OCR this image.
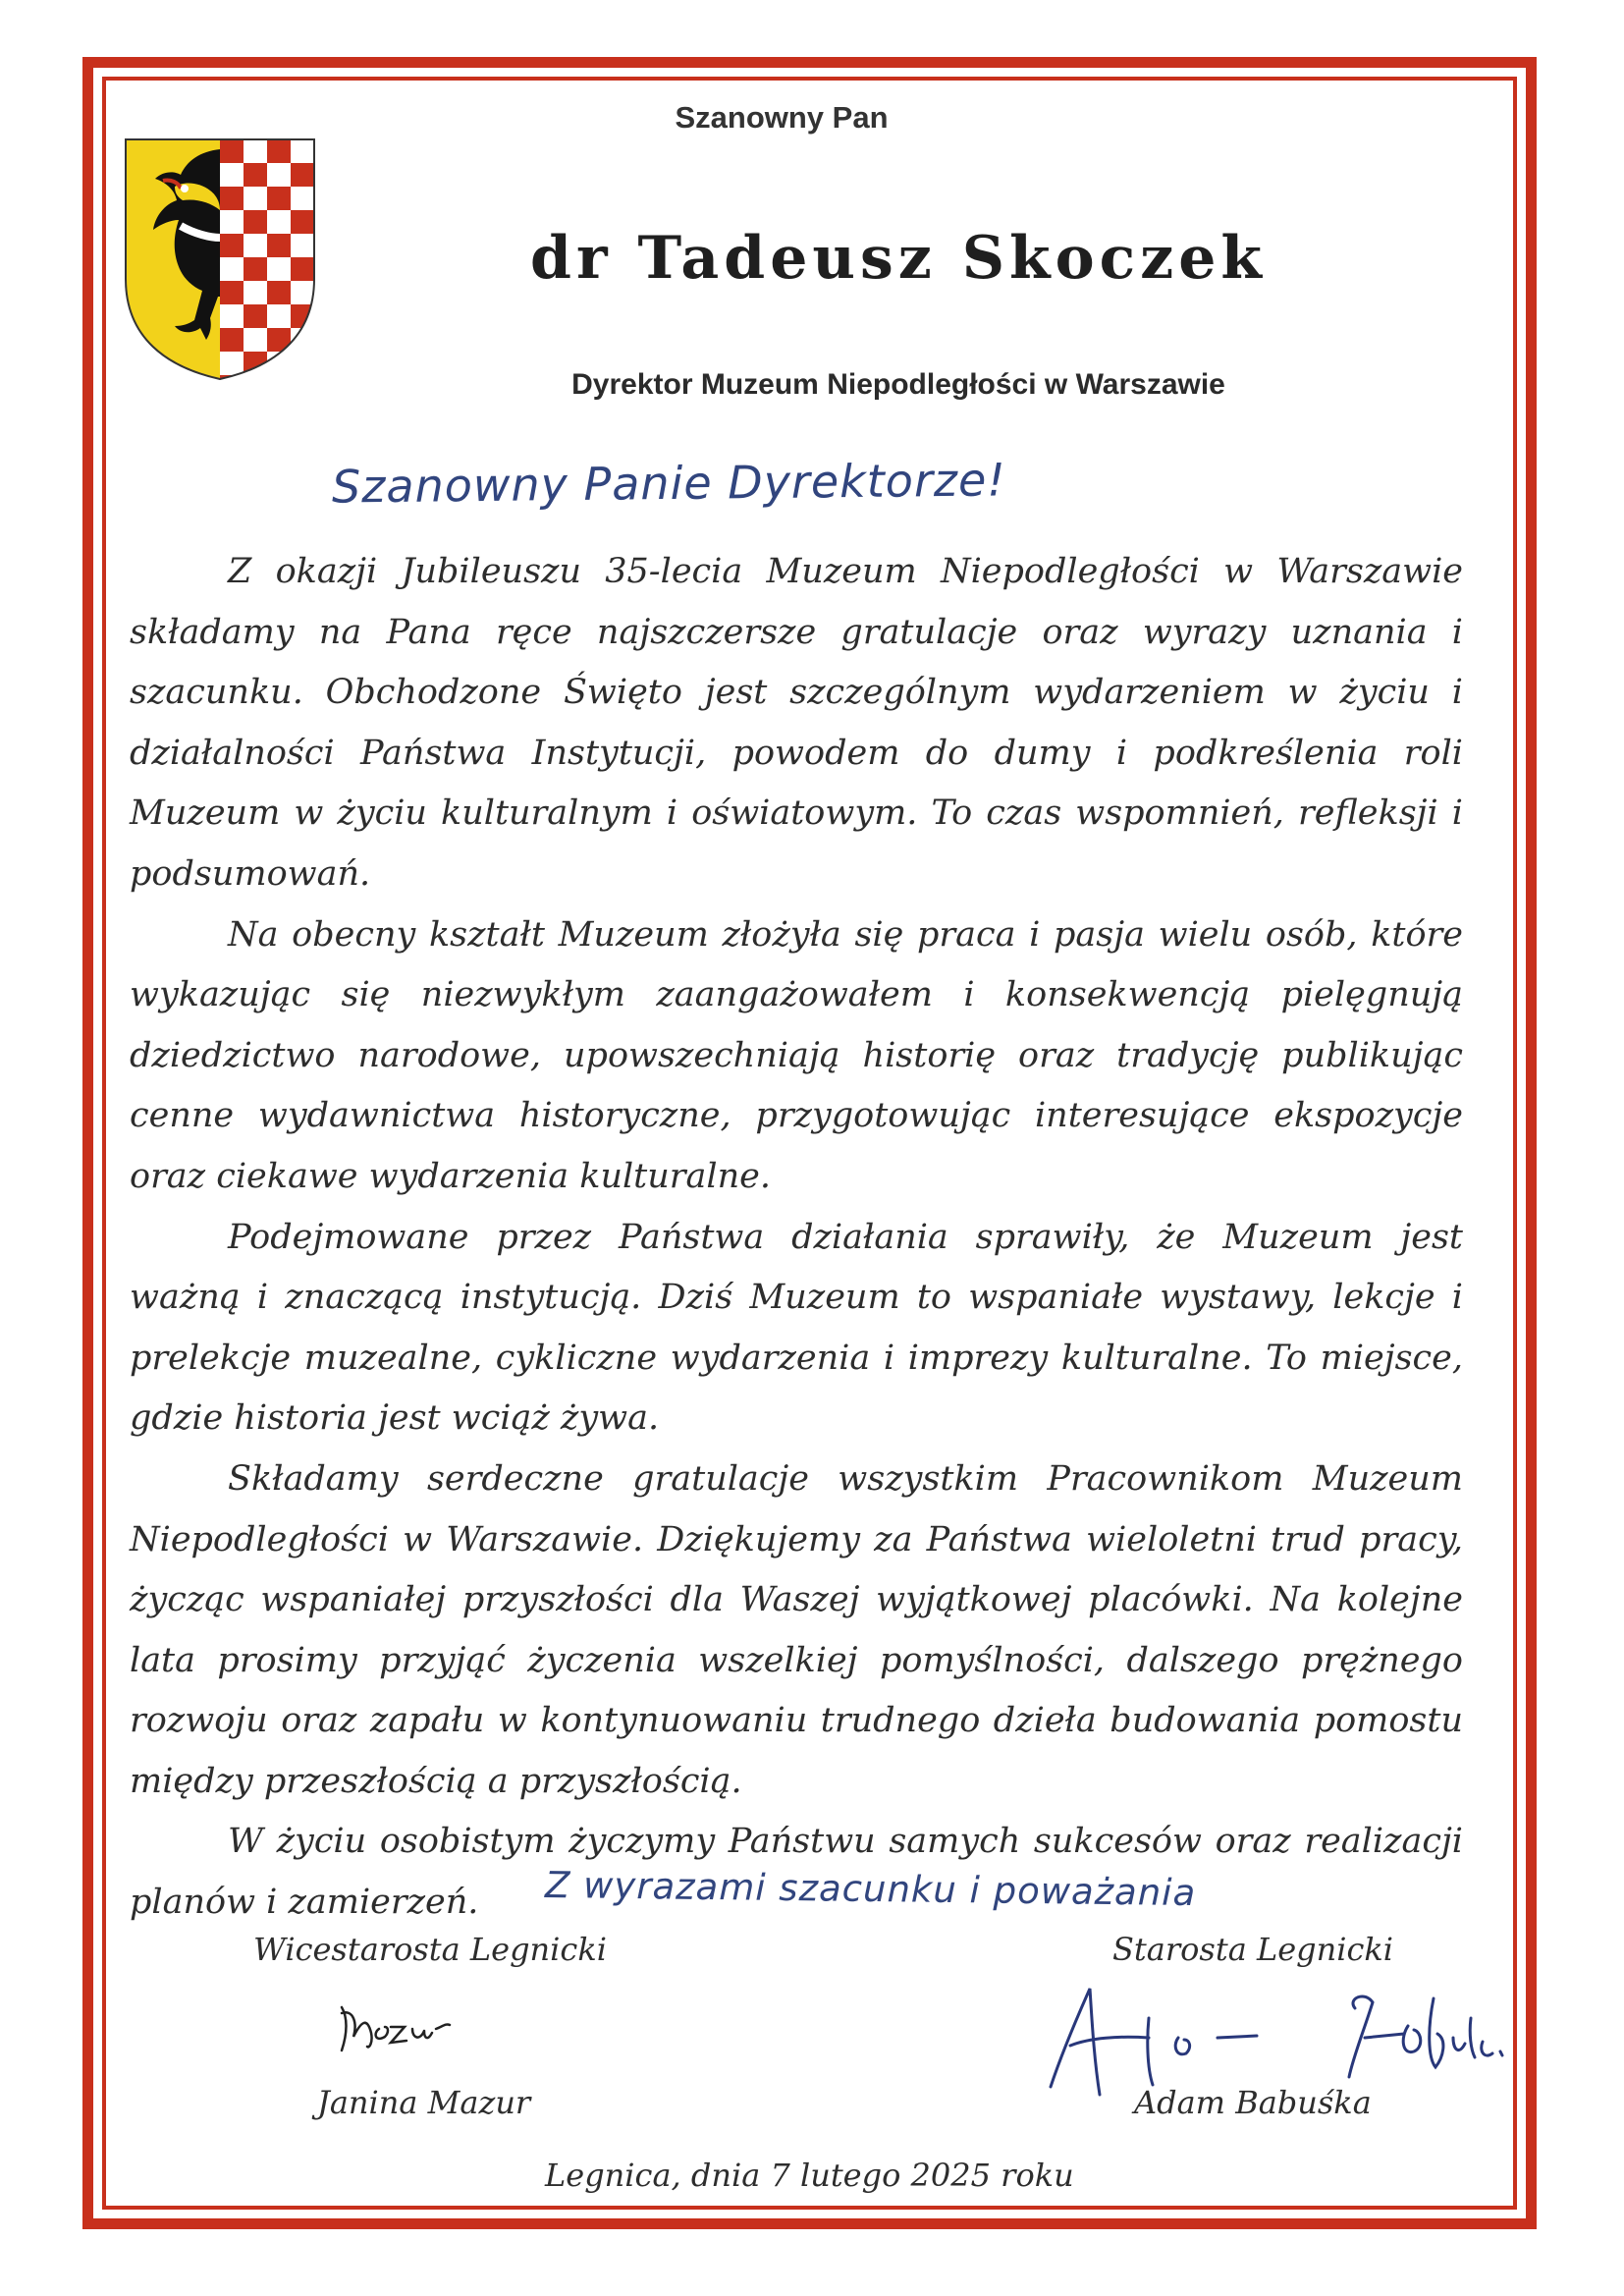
Szanowny Pan
dr Tadeusz Skoczek
Dyrektor Muzeum Niepodległości w Warszawie
Szanowny Panie Dyrektorze!

Z okazji Jubileuszu 35-lecia Muzeum Niepodległości w Warszawie składamy na Pana ręce najszczersze gratulacje oraz wyrazy uznania i szacunku. Obchodzone Święto jest szczególnym wydarzeniem w życiu i działalności Państwa Instytucji, powodem do dumy i podkreślenia roli Muzeum w życiu kulturalnym i oświatowym. To czas wspomnień, refleksji i podsumowań.

Na obecny kształt Muzeum złożyła się praca i pasja wielu osób, które wykazując się niezwykłym zaangażowałem i konsekwencją pielęgnują dziedzictwo narodowe, upowszechniają historię oraz tradycję publikując cenne wydawnictwa historyczne, przygotowując interesujące ekspozycje oraz ciekawe wydarzenia kulturalne.

Podejmowane przez Państwa działania sprawiły, że Muzeum jest ważną i znaczącą instytucją. Dziś Muzeum to wspaniałe wystawy, lekcje i prelekcje muzealne, cykliczne wydarzenia i imprezy kulturalne. To miejsce, gdzie historia jest wciąż żywa.

Składamy serdeczne gratulacje wszystkim Pracownikom Muzeum Niepodległości w Warszawie. Dziękujemy za Państwa wieloletni trud pracy, życząc wspaniałej przyszłości dla Waszej wyjątkowej placówki. Na kolejne lata prosimy przyjąć życzenia wszelkiej pomyślności, dalszego prężnego rozwoju oraz zapału w kontynuowaniu trudnego dzieła budowania pomostu między przeszłością a przyszłością.

W życiu osobistym życzymy Państwu samych sukcesów oraz realizacji planów i zamierzeń.	Z wyrazami szacunku i poważania
Wicestarosta Legnicki	Starosta Legnicki
Janina Mazur	Adam Babuśka
Legnica, dnia 7 lutego 2025 roku
